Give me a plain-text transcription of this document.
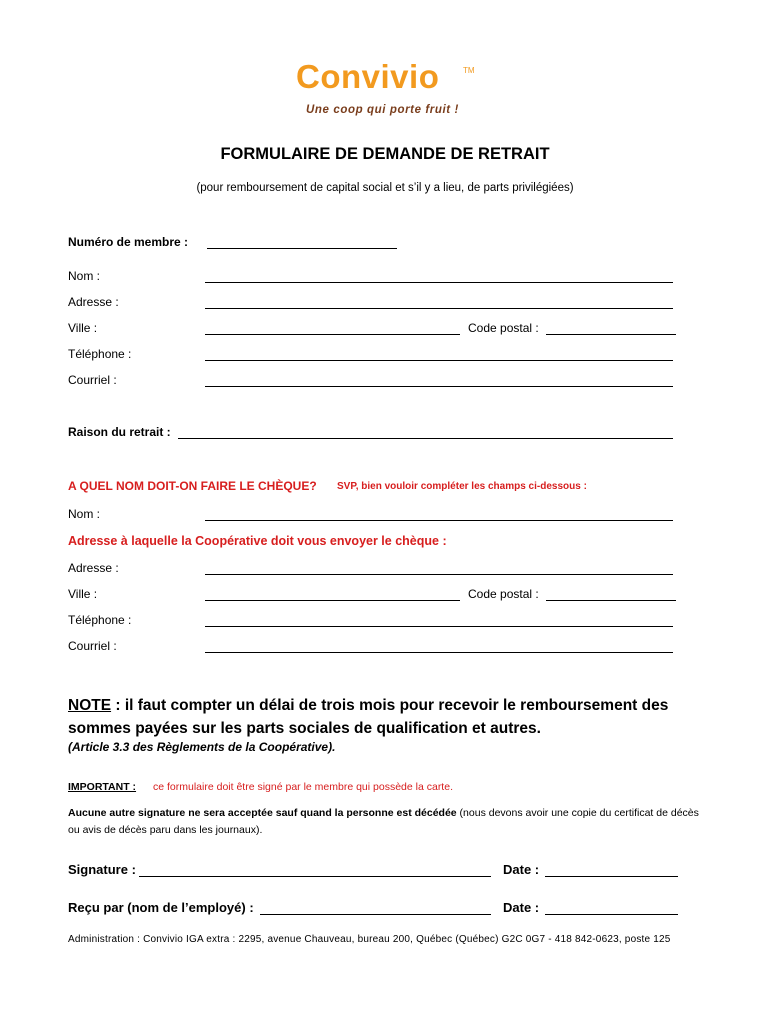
Convivio	TM
Une coop qui porte fruit !
FORMULAIRE DE DEMANDE DE RETRAIT
(pour remboursement de capital social et s’il y a lieu, de parts privilégiées)
Numéro de membre :
Nom :
Adresse :
Ville :	Code postal :
Téléphone :
Courriel :
Raison du retrait :
A QUEL NOM DOIT-ON FAIRE LE CHÈQUE? SVP, bien vouloir compléter les champs ci-dessous :
Nom :
Adresse à laquelle la Coopérative doit vous envoyer le chèque :
Adresse :
Ville :	Code postal :
Téléphone :
Courriel :
NOTE : il faut compter un délai de trois mois pour recevoir le remboursement des sommes payées sur les parts sociales de qualification et autres.
(Article 3.3 des Règlements de la Coopérative).
IMPORTANT : ce formulaire doit être signé par le membre qui possède la carte.
Aucune autre signature ne sera acceptée sauf quand la personne est décédée (nous devons avoir une copie du certificat de décès ou avis de décès paru dans les journaux).
Signature :	Date :
Reçu par (nom de l’employé) :	Date :
Administration : Convivio IGA extra : 2295, avenue Chauveau, bureau 200, Québec (Québec) G2C 0G7 - 418 842-0623, poste 125
